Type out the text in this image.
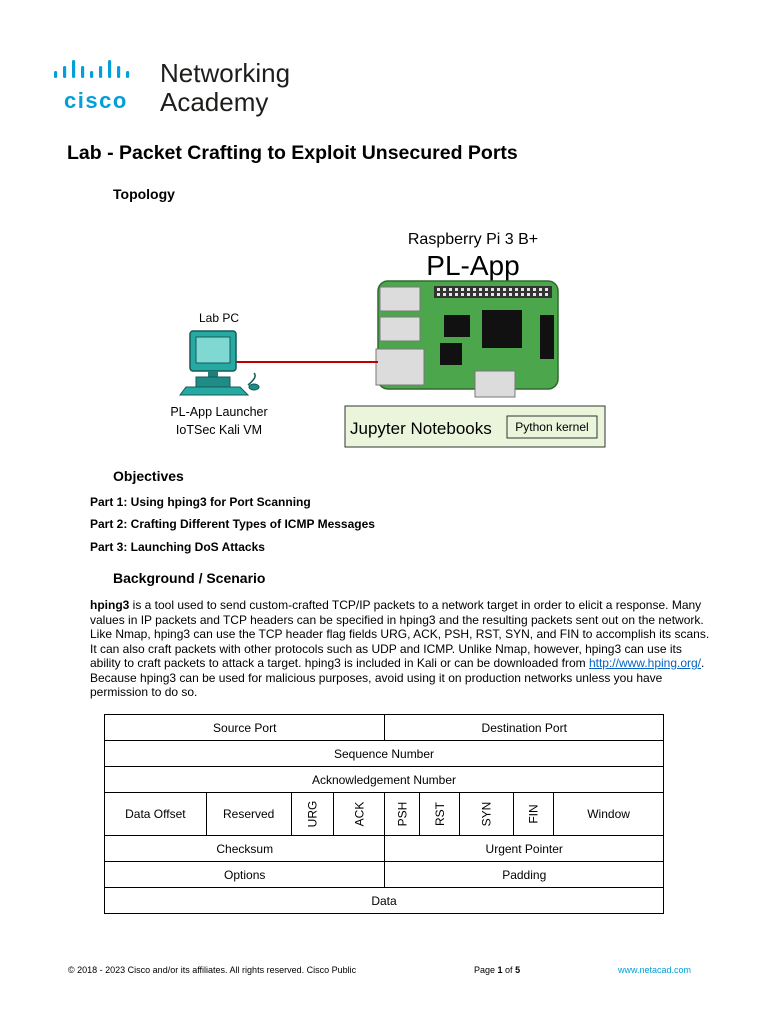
cisco
Networking
Academy
Lab - Packet Crafting to Exploit Unsecured Ports
Topology
Raspberry Pi 3 B+
PL-App
Lab PC
PL-App Launcher
IoTSec Kali VM	Jupyter Notebooks Python kernel
Objectives
Part 1: Using hping3 for Port Scanning
Part 2: Crafting Different Types of ICMP Messages
Part 3: Launching DoS Attacks
Background / Scenario
hping3 is a tool used to send custom-crafted TCP/IP packets to a network target in order to elicit a response. Many values in IP packets and TCP headers can be specified in hping3 and the resulting packets sent out on the network. Like Nmap, hping3 can use the TCP header flag fields URG, ACK, PSH, RST, SYN, and FIN to accomplish its scans. It can also craft packets with other protocols such as UDP and ICMP. Unlike Nmap, however, hping3 can use its ability to craft packets to attack a target. hping3 is included in Kali or can be downloaded from http://www.hping.org/. Because hping3 can be used for malicious purposes, avoid using it on production networks unless you have permission to do so.
Source Port				Destination Port				
Sequence Number								
Acknowledgement Number								
Data Offset	Reserved	URG	ACK	PSH	RST	SYN	FIN	Window
Checksum				Urgent Pointer				
Options				Padding				
Data								
© 2018 - 2023 Cisco and/or its affiliates. All rights reserved. Cisco Public	Page 1 of 5	www.netacad.com
